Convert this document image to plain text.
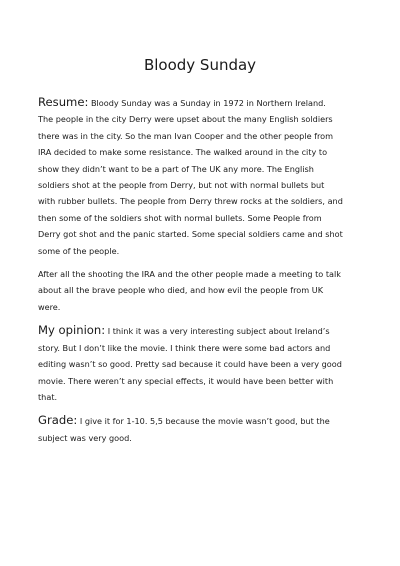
Bloody Sunday

Resume: Bloody Sunday was a Sunday in 1972 in Northern Ireland. The people in the city Derry were upset about the many English soldiers there was in the city. So the man Ivan Cooper and the other people from IRA decided to make some resistance. The walked around in the city to show they didn’t want to be a part of The UK any more. The English soldiers shot at the people from Derry, but not with normal bullets but with rubber bullets. The people from Derry threw rocks at the soldiers, and then some of the soldiers shot with normal bullets. Some People from Derry got shot and the panic started. Some special soldiers came and shot some of the people.

After all the shooting the IRA and the other people made a meeting to talk about all the brave people who died, and how evil the people from UK were.

My opinion: I think it was a very interesting subject about Ireland’s story. But I don’t like the movie. I think there were some bad actors and editing wasn’t so good. Pretty sad because it could have been a very good movie. There weren’t any special effects, it would have been better with that.

Grade: I give it for 1-10. 5,5 because the movie wasn’t good, but the subject was very good.
